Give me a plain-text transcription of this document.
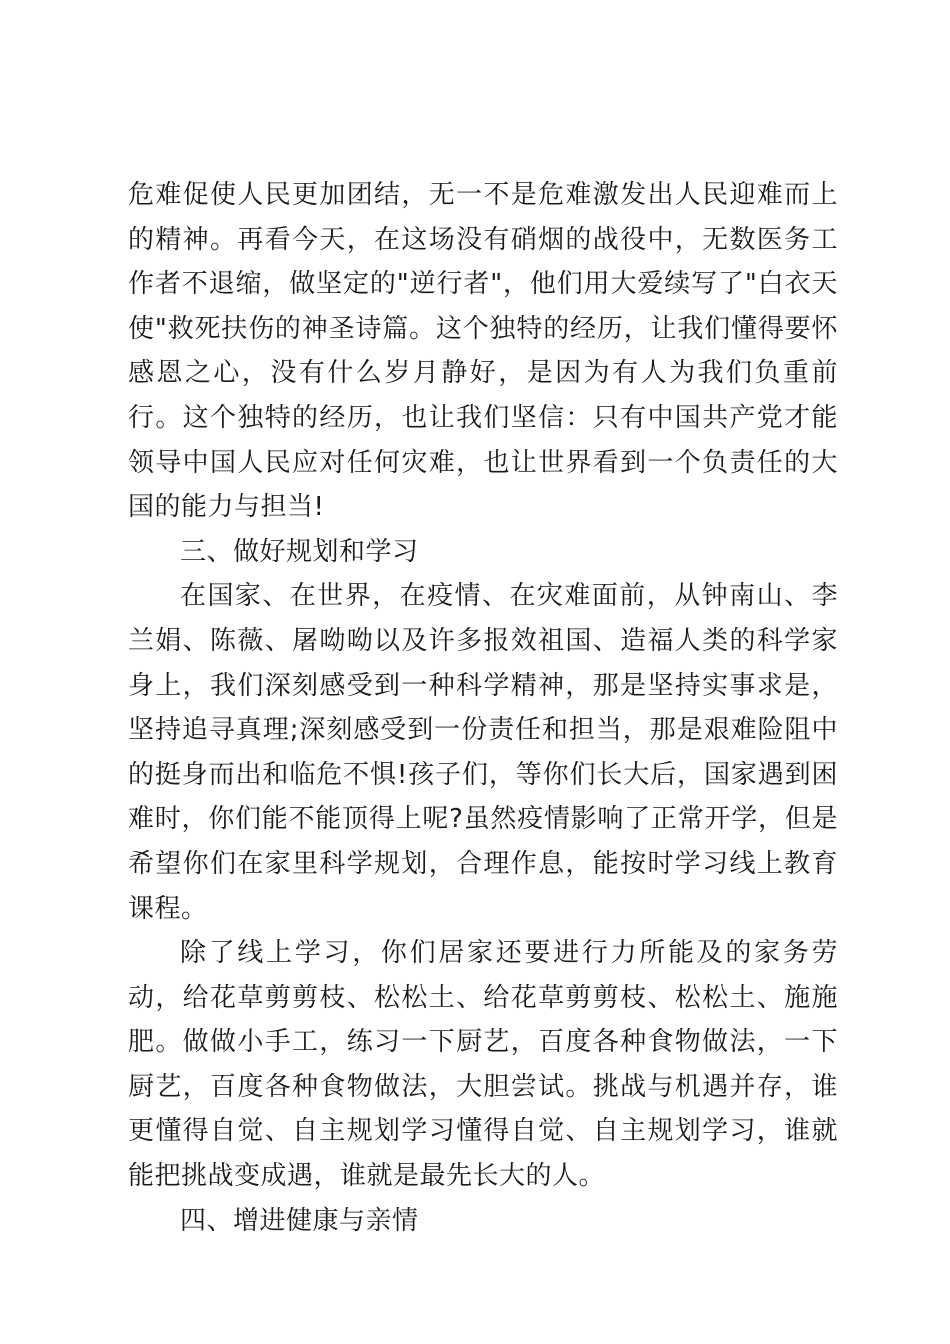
危难促使人民更加团结，无一不是危难激发出人民迎难而上的精神。再看今天，在这场没有硝烟的战役中，无数医务工作者不退缩，做坚定的"逆行者"，他们用大爱续写了"白衣天使"救死扶伤的神圣诗篇。这个独特的经历，让我们懂得要怀感恩之心，没有什么岁月静好，是因为有人为我们负重前行。这个独特的经历，也让我们坚信：只有中国共产党才能领导中国人民应对任何灾难，也让世界看到一个负责任的大国的能力与担当!

三、做好规划和学习

在国家、在世界，在疫情、在灾难面前，从钟南山、李兰娟、陈薇、屠呦呦以及许多报效祖国、造福人类的科学家身上，我们深刻感受到一种科学精神，那是坚持实事求是，坚持追寻真理;深刻感受到一份责任和担当，那是艰难险阻中的挺身而出和临危不惧!孩子们，等你们长大后，国家遇到困难时，你们能不能顶得上呢?虽然疫情影响了正常开学，但是希望你们在家里科学规划，合理作息，能按时学习线上教育课程。

除了线上学习，你们居家还要进行力所能及的家务劳动，给花草剪剪枝、松松土、给花草剪剪枝、松松土、施施肥。做做小手工，练习一下厨艺，百度各种食物做法，一下厨艺，百度各种食物做法，大胆尝试。挑战与机遇并存，谁更懂得自觉、自主规划学习懂得自觉、自主规划学习，谁就能把挑战变成遇，谁就是最先长大的人。

四、增进健康与亲情
